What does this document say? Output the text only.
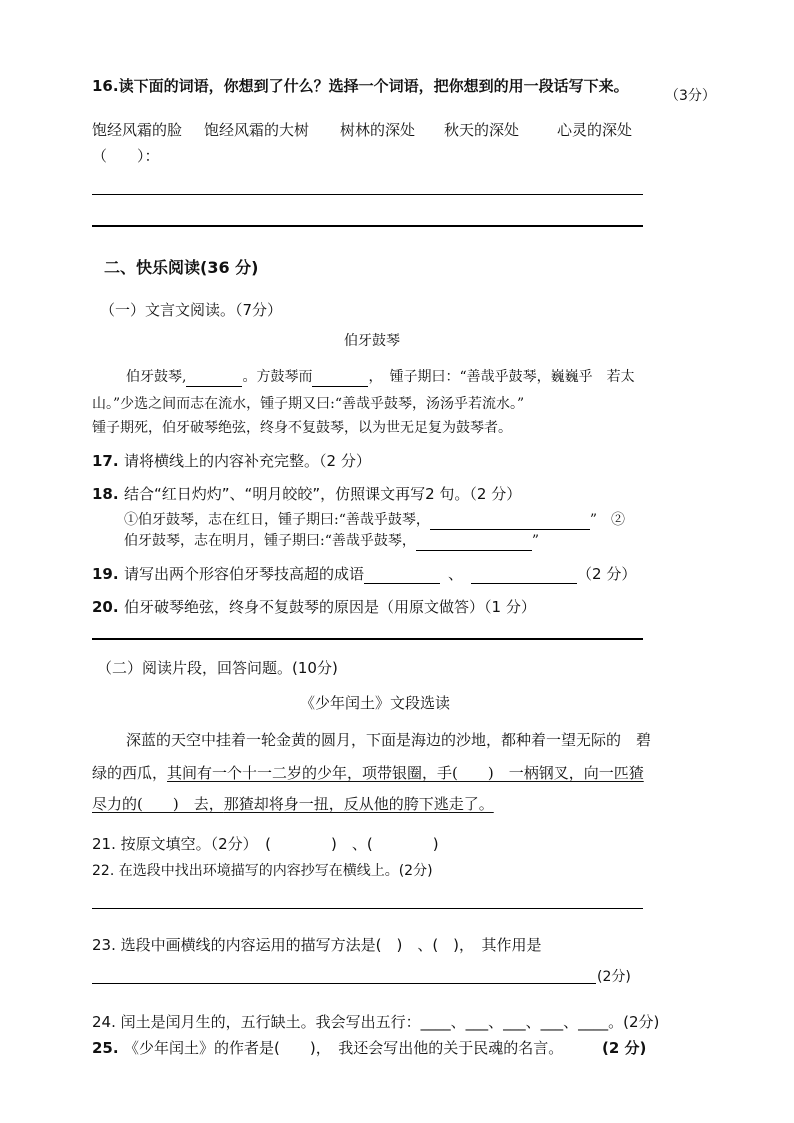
16.读下面的词语，你想到了什么？选择一个词语，把你想到的用一段话写下来。
（3分）
饱经风霜的脸 饱经风霜的大树 树林的深处 秋天的深处	心灵的深处
（　　）：
二、快乐阅读(36 分)
（一）文言文阅读。（7分）
伯牙鼓琴
伯牙鼓琴,	。方鼓琴而	，　锺子期曰：“善哉乎鼓琴，巍巍乎　若太
山。”少选之间而志在流水，锺子期又曰:“善哉乎鼓琴，汤汤乎若流水。”
锺子期死，伯牙破琴绝弦，终身不复鼓琴，以为世无足复为鼓琴者。
17. 请将横线上的内容补充完整。（2 分）
18. 结合“红日灼灼”、“明月皎皎”，仿照课文再写2 句。（2 分）
①伯牙鼓琴，志在红日，锺子期曰:“善哉乎鼓琴，	”　②
伯牙鼓琴，志在明月，锺子期曰:“善哉乎鼓琴，	”
19. 请写出两个形容伯牙琴技高超的成语	、	（2 分）
20. 伯牙破琴绝弦，终身不复鼓琴的原因是（用原文做答）（1 分）
（二）阅读片段，回答问题。(10分)
《少年闰土》文段选读
深蓝的天空中挂着一轮金黄的圆月，下面是海边的沙地，都种着一望无际的　碧
绿的西瓜，其间有一个十一二岁的少年，项带银圈，手(　　)　一柄钢叉，向一匹猹
尽力的(　　)　去，那猹却将身一扭，反从他的胯下逃走了。
21. 按原文填空。（2分）　(　　　　)　、(　　　　)
22. 在选段中找出环境描写的内容抄写在横线上。(2分)
23. 选段中画横线的内容运用的描写方法是(　)　、(　)，　其作用是
(2分)
24. 闰土是闰月生的，五行缺土。我会写出五行：____、___、___、___、____。(2分)
25. 《少年闰土》的作者是(　　)，　我还会写出他的关于民魂的名言。	(2 分)
